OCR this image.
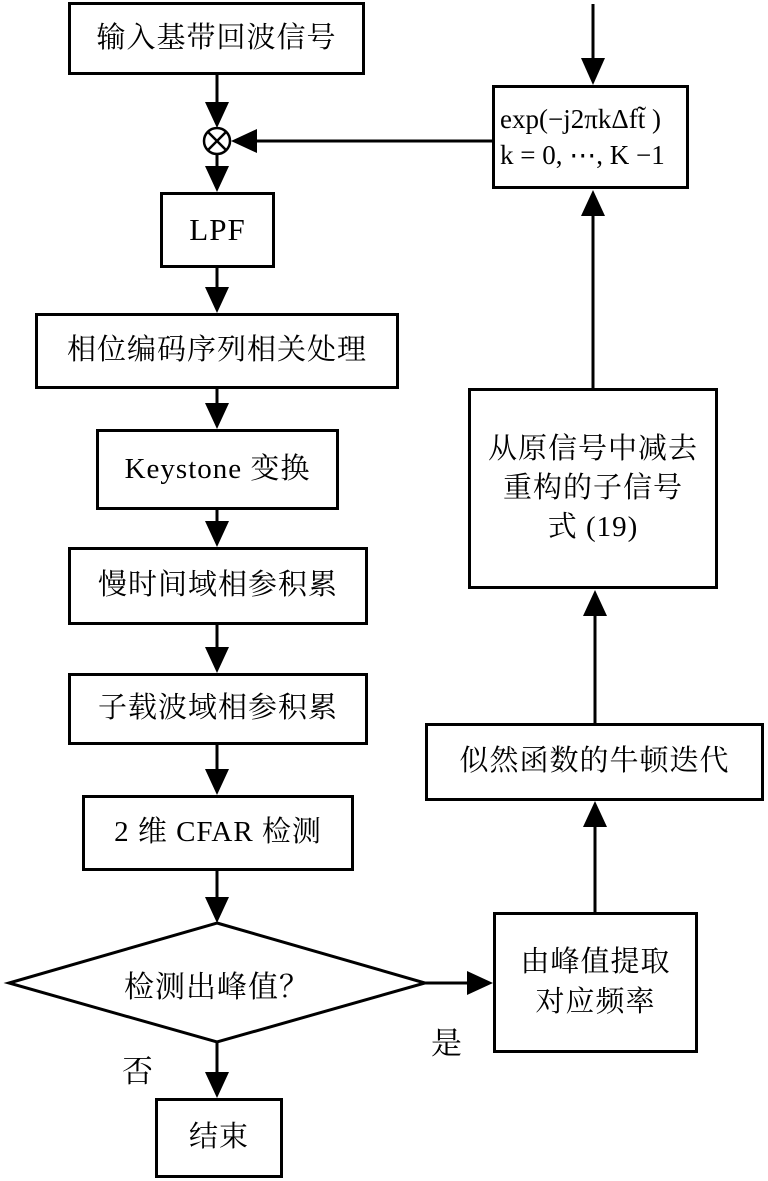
输入基带回波信号
LPF
相位编码序列相关处理
Keystone 变换
慢时间域相参积累
子载波域相参积累
2 维 CFAR 检测
检测出峰值？
结束
由峰值提取
对应频率
似然函数的牛顿迭代
从原信号中减去
重构的子信号
式 (19)
exp(−j2πkΔft̃ )
k = 0, ⋯, K −1
否
是
